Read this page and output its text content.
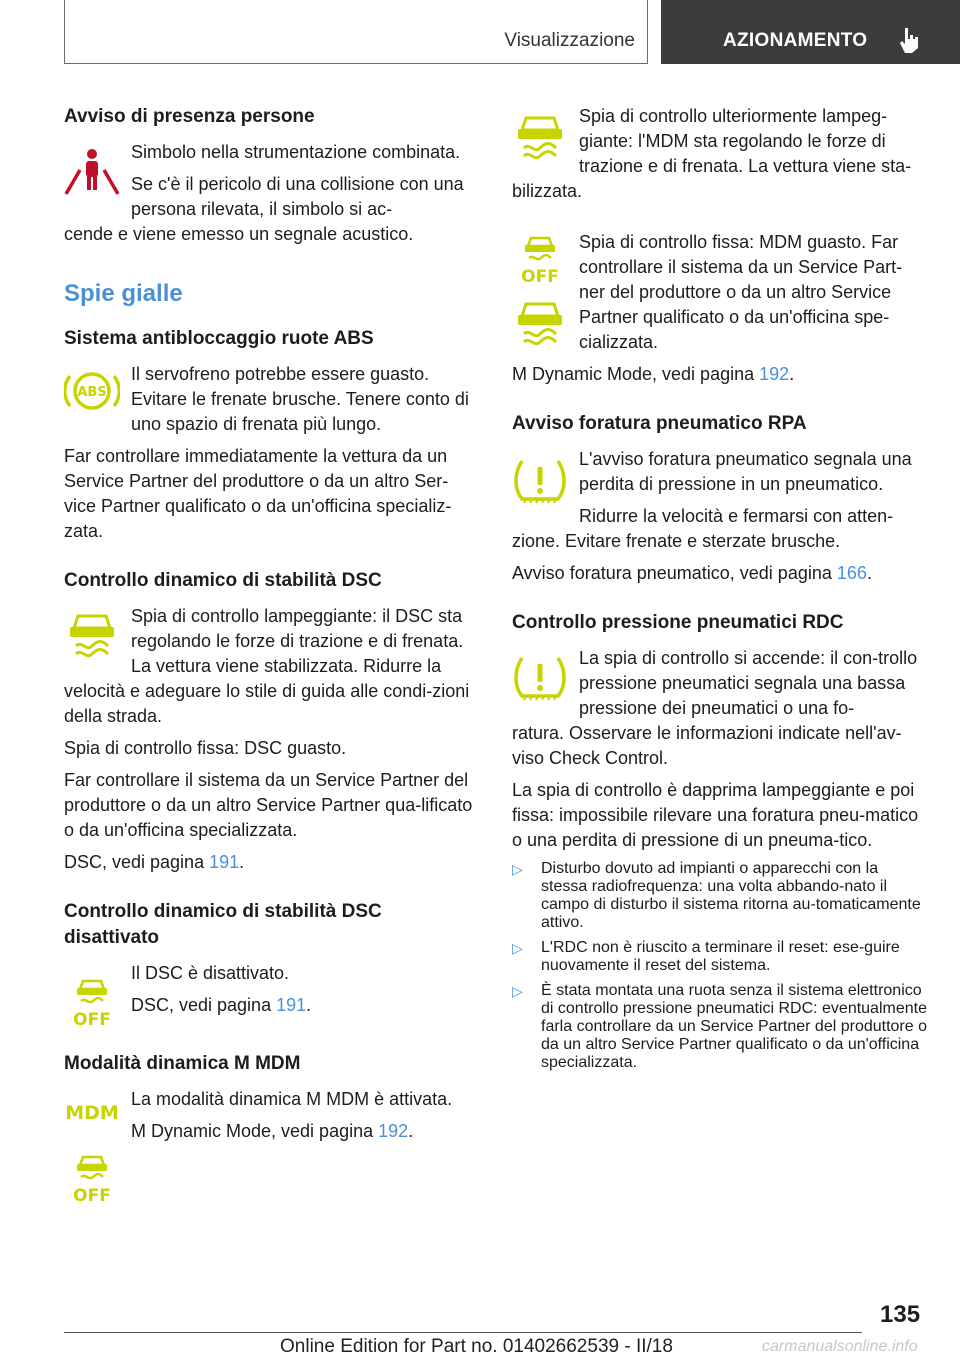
Visualizzazione	AZIONAMENTO

Avviso di presenza persone

Simbolo nella strumentazione combinata.

Se c'è il pericolo di una collisione con una persona rilevata, il simbolo si ac-

cende e viene emesso un segnale acustico.

Spie gialle

Sistema antibloccaggio ruote ABS

ABS

Il servofreno potrebbe essere guasto. Evitare le frenate brusche. Tenere conto di uno spazio di frenata più lungo.

Far controllare immediatamente la vettura da un Service Partner del produttore o da un altro Ser-vice Partner qualificato o da un'officina specializ-zata.

Controllo dinamico di stabilità DSC

Spia di controllo lampeggiante: il DSC sta regolando le forze di trazione e di frenata. La vettura viene stabilizzata. Ridurre la

velocità e adeguare lo stile di guida alle condi-zioni della strada.

Spia di controllo fissa: DSC guasto.

Far controllare il sistema da un Service Partner del produttore o da un altro Service Partner qua-lificato o da un'officina specializzata.

DSC, vedi pagina 191.

Controllo dinamico di stabilità DSC disattivato

OFF

Il DSC è disattivato.

DSC, vedi pagina 191.

Modalità dinamica M MDM

MDM
OFF

La modalità dinamica M MDM è attivata.

M Dynamic Mode, vedi pagina 192.

Spia di controllo ulteriormente lampeg-giante: l'MDM sta regolando le forze di trazione e di frenata. La vettura viene sta-

bilizzata.

OFF

Spia di controllo fissa: MDM guasto. Far controllare il sistema da un Service Part-ner del produttore o da un altro Service Partner qualificato o da un'officina spe-cializzata.

M Dynamic Mode, vedi pagina 192.

Avviso foratura pneumatico RPA

L'avviso foratura pneumatico segnala una perdita di pressione in un pneumatico.

Ridurre la velocità e fermarsi con atten-

zione. Evitare frenate e sterzate brusche.

Avviso foratura pneumatico, vedi pagina 166.

Controllo pressione pneumatici RDC

La spia di controllo si accende: il con-trollo pressione pneumatici segnala una bassa pressione dei pneumatici o una fo-

ratura. Osservare le informazioni indicate nell'av-viso Check Control.

La spia di controllo è dapprima lampeggiante e poi fissa: impossibile rilevare una foratura pneu-matico o una perdita di pressione di un pneuma-tico.

▷ Disturbo dovuto ad impianti o apparecchi con la stessa radiofrequenza: una volta abbando-nato il campo di disturbo il sistema ritorna au-tomaticamente attivo.
▷ L'RDC non è riuscito a terminare il reset: ese-guire nuovamente il reset del sistema.
▷ È stata montata una ruota senza il sistema elettronico di controllo pressione pneumatici RDC: eventualmente farla controllare da un Service Partner del produttore o da un altro Service Partner qualificato o da un'officina specializzata.
135
Online Edition for Part no. 01402662539 - II/18	carmanualsonline.info
